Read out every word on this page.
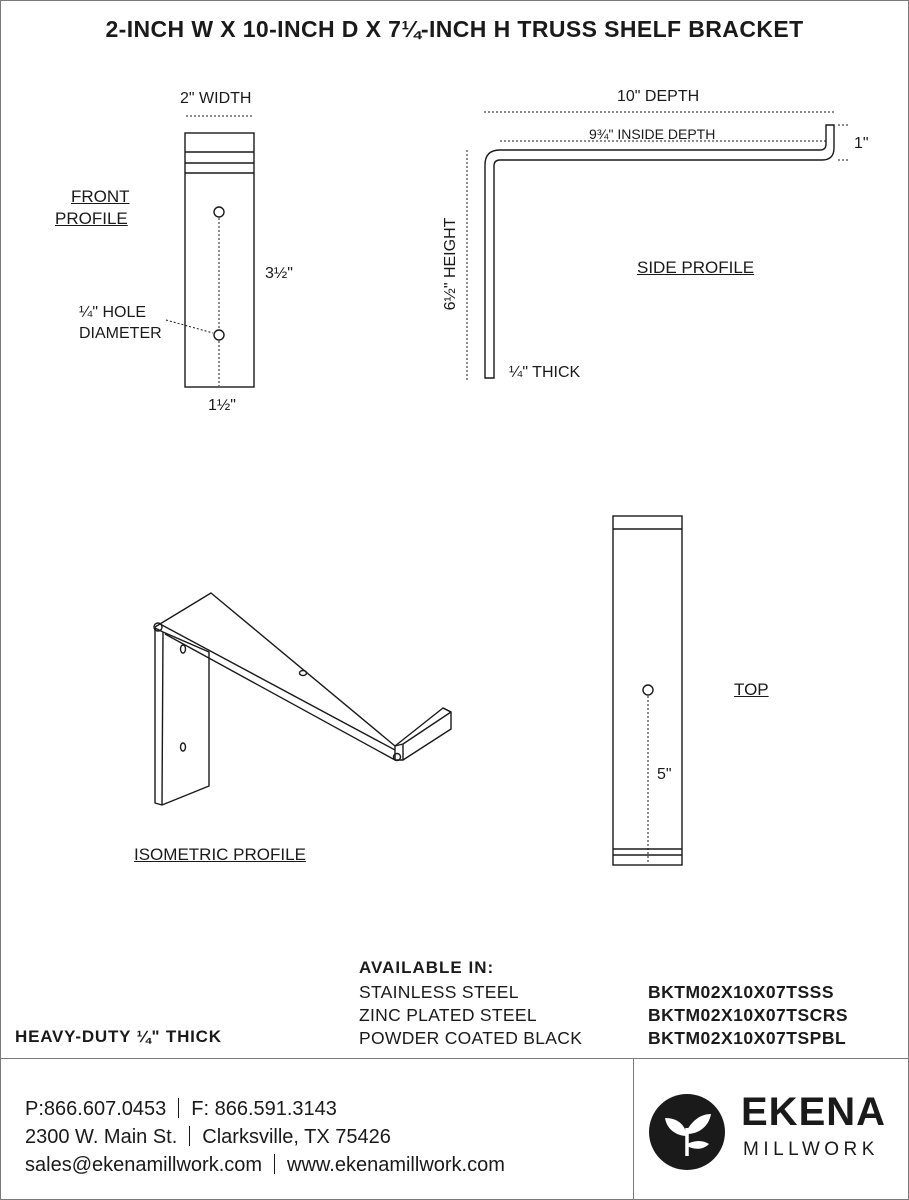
2-INCH W X 10-INCH D X 7¼-INCH H TRUSS SHELF BRACKET
2" WIDTH
FRONT
PROFILE
3½"
¼" HOLE
DIAMETER
1½"
10" DEPTH
9¾" INSIDE DEPTH
1"
6½" HEIGHT	SIDE PROFILE
¼" THICK
ISOMETRIC PROFILE
TOP
5"
AVAILABLE IN:
STAINLESS STEEL
ZINC PLATED STEEL
POWDER COATED BLACK
BKTM02X10X07TSSS
BKTM02X10X07TSCRS
BKTM02X10X07TSPBL
HEAVY-DUTY ¼" THICK
P:866.607.0453 F: 866.591.3143
2300 W. Main St. Clarksville, TX 75426
sales@ekenamillwork.com www.ekenamillwork.com
EKENA
MILLWORK
